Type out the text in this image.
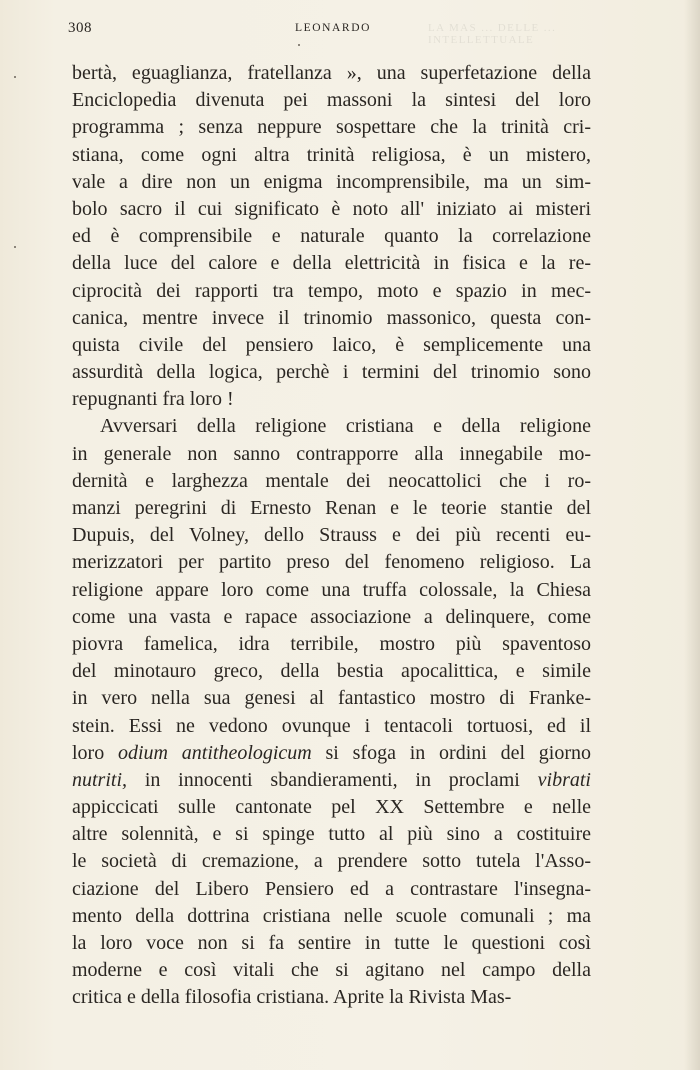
308	LEONARDO	LA MAS ... DELLE ... INTELLETTUALE
bertà, eguaglianza, fratellanza », una superfetazione della
Enciclopedia divenuta pei massoni la sintesi del loro
programma ; senza neppure sospettare che la trinità cri-
stiana, come ogni altra trinità religiosa, è un mistero,
vale a dire non un enigma incomprensibile, ma un sim-
bolo sacro il cui significato è noto all' iniziato ai misteri
ed è comprensibile e naturale quanto la correlazione
della luce del calore e della elettricità in fisica e la re-
ciprocità dei rapporti tra tempo, moto e spazio in mec-
canica, mentre invece il trinomio massonico, questa con-
quista civile del pensiero laico, è semplicemente una
assurdità della logica, perchè i termini del trinomio sono
repugnanti fra loro !
Avversari della religione cristiana e della religione
in generale non sanno contrapporre alla innegabile mo-
dernità e larghezza mentale dei neocattolici che i ro-
manzi peregrini di Ernesto Renan e le teorie stantie del
Dupuis, del Volney, dello Strauss e dei più recenti eu-
merizzatori per partito preso del fenomeno religioso. La
religione appare loro come una truffa colossale, la Chiesa
come una vasta e rapace associazione a delinquere, come
piovra famelica, idra terribile, mostro più spaventoso
del minotauro greco, della bestia apocalittica, e simile
in vero nella sua genesi al fantastico mostro di Franke-
stein. Essi ne vedono ovunque i tentacoli tortuosi, ed il
loro odium antitheologicum si sfoga in ordini del giorno
nutriti, in innocenti sbandieramenti, in proclami vibrati
appiccicati sulle cantonate pel XX Settembre e nelle
altre solennità, e si spinge tutto al più sino a costituire
le società di cremazione, a prendere sotto tutela l'Asso-
ciazione del Libero Pensiero ed a contrastare l'insegna-
mento della dottrina cristiana nelle scuole comunali ; ma
la loro voce non si fa sentire in tutte le questioni così
moderne e così vitali che si agitano nel campo della
critica e della filosofia cristiana. Aprite la Rivista Mas-
